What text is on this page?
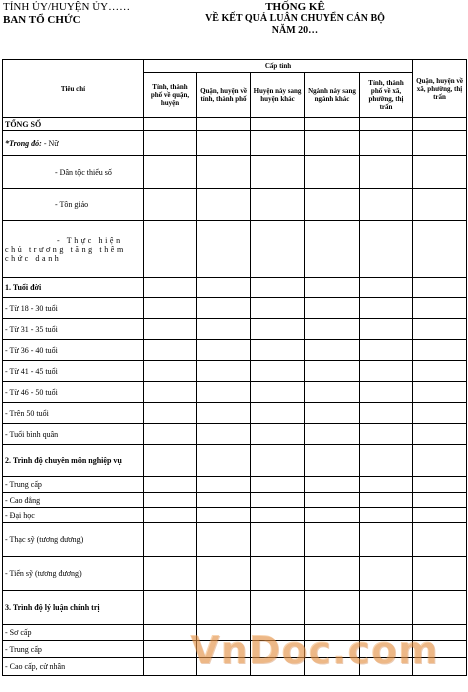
TỈNH ỦY/HUYỆN ỦY……
BAN TỔ CHỨC
THỐNG KÊ
VỀ KẾT QUẢ LUÂN CHUYỂN CÁN BỘ
NĂM 20…
Tiêu chí	Cấp tỉnh					Quận, huyện về xã, phường, thị trấn
	Tỉnh, thành phố về quận, huyện	Quận, huyện về tỉnh, thành phố	Huyện này sang huyện khác	Ngành này sang ngành khác	Tỉnh, thành phố về xã, phường, thị trấn	
TỔNG SỐ						
*Trong đó: - Nữ						
- Dân tộc thiểu số						
- Tôn giáo						
- Thực hiện chủ trương tăng thêm chức danh						
1. Tuổi đời						
- Từ 18 - 30 tuổi						
- Từ 31 - 35 tuổi						
- Từ 36 - 40 tuổi						
- Từ 41 - 45 tuổi						
- Từ 46 - 50 tuổi						
- Trên 50 tuổi						
- Tuổi bình quân						
2. Trình độ chuyên môn nghiệp vụ						
- Trung cấp						
- Cao đẳng						
- Đại học						
- Thạc sỹ (tương đương)						
- Tiến sỹ (tương đương)						
3. Trình độ lý luận chính trị						
- Sơ cấp						
- Trung cấp						
- Cao cấp, cử nhân							VnDoc.com
